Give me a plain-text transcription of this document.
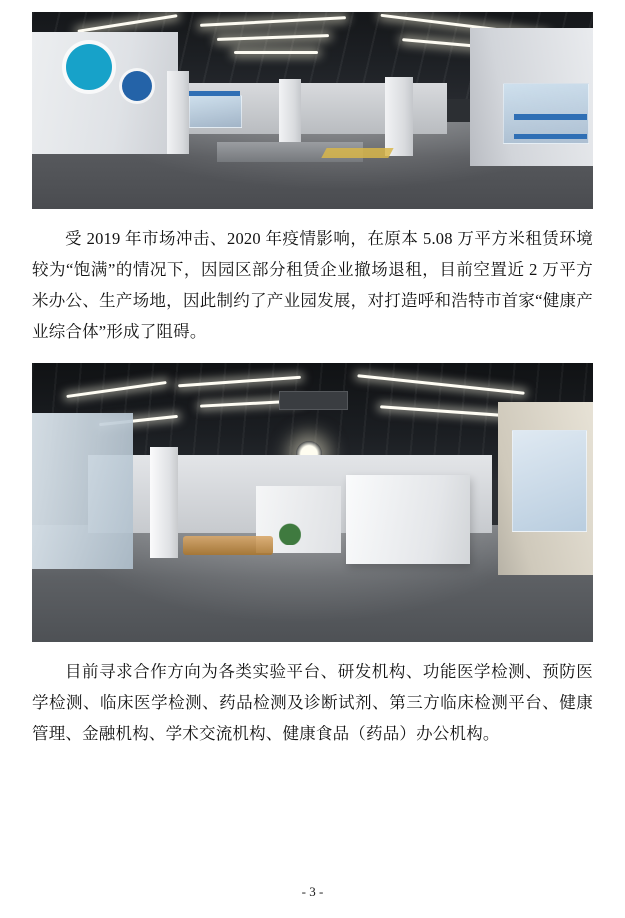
受 2019 年市场冲击、2020 年疫情影响，在原本 5.08 万平方米租赁环境较为“饱满”的情况下，因园区部分租赁企业撤场退租，目前空置近 2 万平方米办公、生产场地，因此制约了产业园发展，对打造呼和浩特市首家“健康产业综合体”形成了阻碍。

目前寻求合作方向为各类实验平台、研发机构、功能医学检测、预防医学检测、临床医学检测、药品检测及诊断试剂、第三方临床检测平台、健康管理、金融机构、学术交流机构、健康食品（药品）办公机构。

- 3 -
